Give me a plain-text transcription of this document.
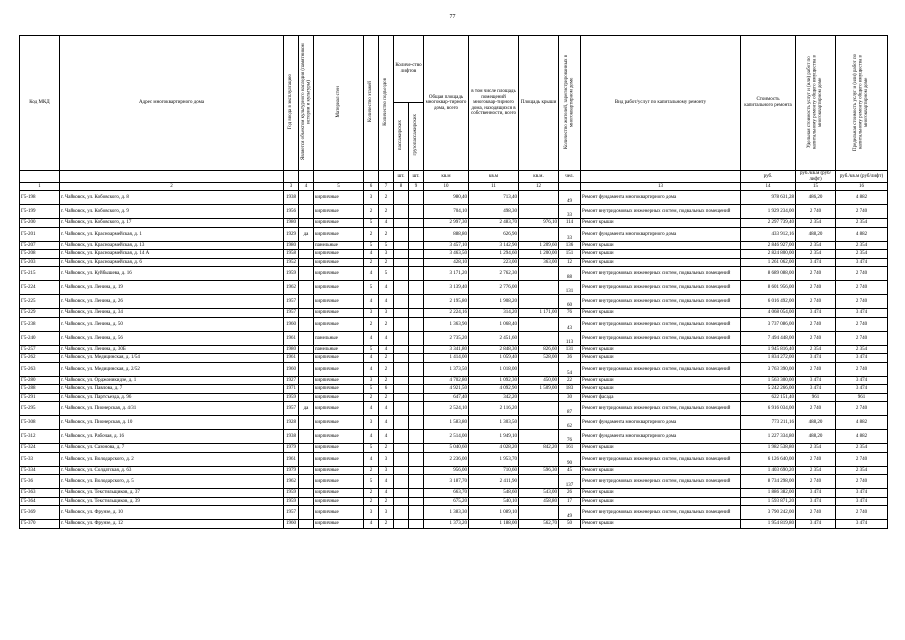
77
Код МКД	Адрес многоквартирного дома	Год ввода в эксплуатацию	Является объектом культурного наследия (памятником истории и культуры)	Материал стен	Количество этажей	Количество подъездов	Количе-ство лифтов		Общая площадь многоквар-тирного дома, всего	в том числе площадь помещений многоквар-тирного дома, находящихся в собственности, всего	Площадь крыши	Количество жителей, зарегистрированных в многоквартирном доме	Вид работ/услуг по капитальному ремонту	Стоимость капитального ремонта	Удельная стоимость услуг и (или) работ по капитальному ремонту общего имущества в многоквартирном доме	Предельная стоимость услуг и (или) работ по капитальному ремонту общего имущества в многоквартирном доме
							пассажирских	грузопассажирских								
							шт.	шт.	кв.м	кв.м	кв.м.	чел.		руб.	руб./кв.м (руб/лифт)	руб./кв.м (руб/лифт)
1	2	3	4	5	6	7	8	9	10	11	12		13	14	15	16
Г5-198	г. Чайковск, ул. Кобовского, д. 8	1938		кирпичные	3	2			980,40	713,40		49	Ремонт фундамента многоквартирного дома	978 631,28	486,20	4 882
Г5-199	г. Чайковск, ул. Кобовского, д. 9	1956		кирпичные	2	2			704,10	498,30		33	Ремонт внутридомовых инженерных систем, подвальных помещений	1 929 234,00	2 740	2 740
Г5-200	г. Чайковск, ул. Кобовского, д. 17	1980		кирпичные	5	4			2 997,30	2 483,70	976,10	114	Ремонт крыши	2 297 739,40	2 354	2 354
Г5-201	г. Чайковск, ул. Красноармейская, д. 1	1929	да	кирпичные	2	2			888,80	626,90		33	Ремонт фундамента многоквартирного дома	433 912,16	488,20	4 882
Г5-207	г. Чайковск, ул. Красноармейская, д. 13	1980		панельные	5	5			3 457,10	3 142,90	1 209,60	136	Ремонт крыши	2 846 927,00	2 354	2 354
Г5-208	г. Чайковск, ул. Красноармейская, д. 14 А	1958		кирпичные	4	3			3 463,50	1 294,60	1 200,00	151	Ремонт крыши	2 824 800,00	2 354	2 354
Г5-203	г. Чайковск, ул. Красноармейская, д. 6	1952		кирпичные	2	2			428,10	223,00	363,00	12	Ремонт крыши	1 261 062,00	3 474	3 474
Г5-215	г. Чайковск, ул. Куйбышева, д. 16	1959		кирпичные	4	5			3 171,20	2 762,30		88	Ремонт внутридомовых инженерных систем, подвальных помещений	8 689 088,00	2 740	2 740
Г5-224	г. Чайковск, ул. Ленина, д. 19	1962		кирпичные	5	4			3 139,40	2 776,00		131	Ремонт внутридомовых инженерных систем, подвальных помещений	8 601 956,00	2 740	2 740
Г5-225	г. Чайковск, ул. Ленина, д. 26	1957		кирпичные	4	4			2 195,80	1 908,20		60	Ремонт внутридомовых инженерных систем, подвальных помещений	6 016 492,00	2 740	2 740
Г5-229	г. Чайковск, ул. Ленина, д. 34	1957		кирпичные	3	3			2 224,16	314,20	1 171,00	76	Ремонт крыши	4 068 054,00	3 474	3 474
Г5-238	г. Чайковск, ул. Ленина, д. 50	1960		кирпичные	2	2			1 363,90	1 068,40		43	Ремонт внутридомовых инженерных систем, подвальных помещений	3 737 086,00	2 740	2 740
Г5-240	г. Чайковск, ул. Ленина, д. 56	1961		панельные	4	4			2 735,20	2 451,60		113	Ремонт внутридомовых инженерных систем, подвальных помещений	7 494 448,00	2 740	2 740
Г5-257	г. Чайковск, ул. Ленина, д. 30Б	1980		панельные	5	4			3 341,80	2 848,30	826,60	131	Ремонт крыши	1 945 816,40	2 354	2 354
Г5-262	г. Чайковск, ул. Медицинская, д. 1/54	1961		кирпичные	4	2			1 414,00	1 059,40	528,00	36	Ремонт крыши	1 834 272,00	3 474	3 474
Г5-263	г. Чайковск, ул. Медицинская, д. 2/52	1960		кирпичные	4	2			1 373,50	1 018,00		54	Ремонт внутридомовых инженерных систем, подвальных помещений	3 763 390,00	2 740	2 740
Г5-280	г. Чайковск, ул. Орджоникидзе, д. 1	1927		кирпичные	3	2			4 702,80	1 092,30	450,00	22	Ремонт крыши	1 563 300,00	3 474	3 474
Г5-288	г. Чайковск, ул. Павлова, д. 7	1971		кирпичные	5	6			4 921,50	4 092,90	1 509,00	183	Ремонт крыши	5 242 266,00	3 474	3 474
Г5-291	г. Чайковск, ул. Партсъезда, д. 96	1959		кирпичные	2	2			647,40	342,20		30	Ремонт фасада	622 151,40	961	961
Г5-295	г. Чайковск, ул. Пионерская, д. 4/31	1957	да	кирпичные	4	4			2 524,10	2 116,20		87	Ремонт внутридомовых инженерных систем, подвальных помещений	6 916 034,00	2 740	2 740
Г5-308	г. Чайковск, ул. Пионерская, д. 10	1928		кирпичные	3	4			1 583,80	1 303,50		62	Ремонт фундамента многоквартирного дома	773 211,16	488,20	4 882
Г5-312	г. Чайковск, ул. Рабочая, д. 16	1938		кирпичные	4	4			2 514,00	1 949,10		76	Ремонт фундамента многоквартирного дома	1 227 334,80	488,20	4 882
Г5-324	г. Чайковск, ул. Сазонова, д. 7	1979		кирпичные	5	2			5 040,60	4 028,20	842,20	161	Ремонт крыши	1 982 538,80	2 354	2 354
Г5-33	г. Чайковск, ул. Володарского, д. 2	1961		кирпичные	4	3			2 236,00	1 953,70		90	Ремонт внутридомовых инженерных систем, подвальных помещений	6 126 640,00	2 740	2 740
Г5-334	г. Чайковск, ул. Солдатская, д. 63	1979		кирпичные	2	3			956,00	710,60	596,30	45	Ремонт крыши	1 403 690,20	2 354	2 354
Г5-36	г. Чайковск, ул. Володарского, д. 5	1962		кирпичные	5	4			3 187,70	2 411,90		137	Ремонт внутридомовых инженерных систем, подвальных помещений	8 734 298,00	2 740	2 740
Г5-363	г. Чайковск, ул. Текстильщиков, д. 37	1959		кирпичные	2	4			663,70	548,60	543,00	26	Ремонт крыши	1 886 382,00	3 474	3 474
Г5-364	г. Чайковск, ул. Текстильщиков, д. 39	1959		кирпичные	2	2			675,20	540,10	458,80	17	Ремонт крыши	1 593 871,20	3 474	3 474
Г5-369	г. Чайковск, ул. Фрунзе, д. 10	1957		кирпичные	3	3			1 383,30	1 089,10		49	Ремонт внутридомовых инженерных систем, подвальных помещений	3 790 242,00	2 740	2 740
Г5-370	г. Чайковск, ул. Фрунзе, д. 12	1960		кирпичные	4	2			1 373,20	1 188,00	562,70	50	Ремонт крыши	1 954 819,80	3 474	3 474
